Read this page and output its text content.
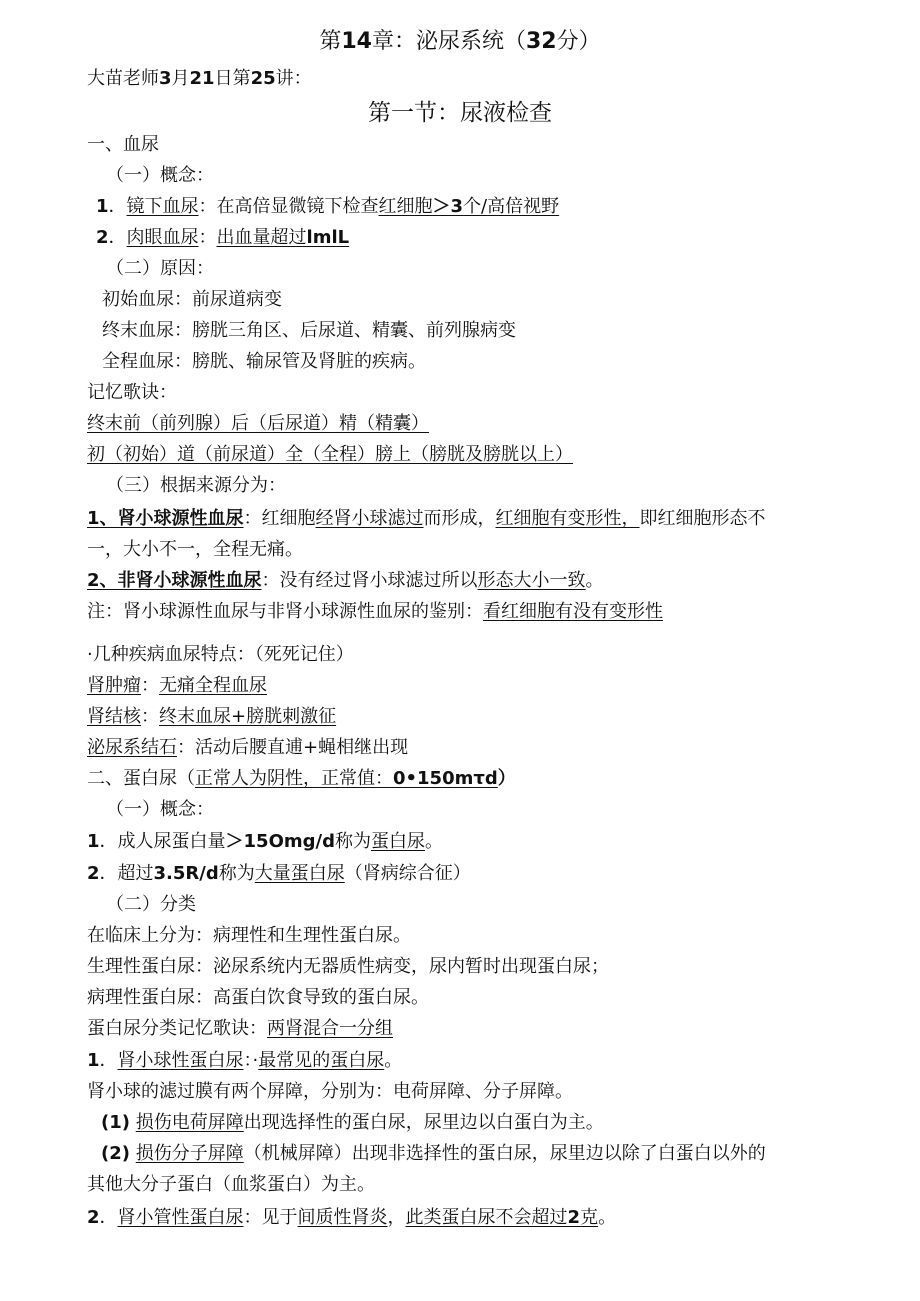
第14章：泌尿系统（32分）
大苗老师3月21日第25讲：
第一节：尿液检查
一、血尿
（一）概念：
1．镜下血尿：在高倍显微镜下检查红细胞＞3个/高倍视野
2．肉眼血尿：出血量超过lmlL
（二）原因：
初始血尿：前尿道病变
终末血尿：膀胱三角区、后尿道、精囊、前列腺病变
全程血尿：膀胱、输尿管及肾脏的疾病。
记忆歌诀：
终末前（前列腺）后（后尿道）精（精囊）
初（初始）道（前尿道）全（全程）膀上（膀胱及膀胱以上）
（三）根据来源分为：
1、肾小球源性血尿：红细胞经肾小球滤过而形成，红细胞有变形性，即红细胞形态不
一，大小不一，全程无痛。
2、非肾小球源性血尿：没有经过肾小球滤过所以形态大小一致。
注：肾小球源性血尿与非肾小球源性血尿的鉴别：看红细胞有没有变形性
·几种疾病血尿特点：（死死记住）
肾肿瘤：无痛全程血尿
肾结核：终末血尿+膀胱刺激征
泌尿系结石：活动后腰直逋+蝇相继出现
二、蛋白尿（正常人为阴性，正常值：0•150mτd）
（一）概念：
1．成人尿蛋白量＞15Omg/d称为蛋白尿。
2．超过3.5R/d称为大量蛋白尿（肾病综合征）
（二）分类
在临床上分为：病理性和生理性蛋白尿。
生理性蛋白尿：泌尿系统内无器质性病变，尿内暂时出现蛋白尿；
病理性蛋白尿：高蛋白饮食导致的蛋白尿。
蛋白尿分类记忆歌诀：两肾混合一分组
1．肾小球性蛋白尿：·最常见的蛋白尿。
肾小球的滤过膜有两个屏障，分别为：电荷屏障、分子屏障。
(1) 损伤电荷屏障出现选择性的蛋白尿，尿里边以白蛋白为主。
(2) 损伤分子屏障（机械屏障）出现非选择性的蛋白尿，尿里边以除了白蛋白以外的
其他大分子蛋白（血浆蛋白）为主。
2．肾小管性蛋白尿：见于间质性肾炎，此类蛋白尿不会超过2克。
